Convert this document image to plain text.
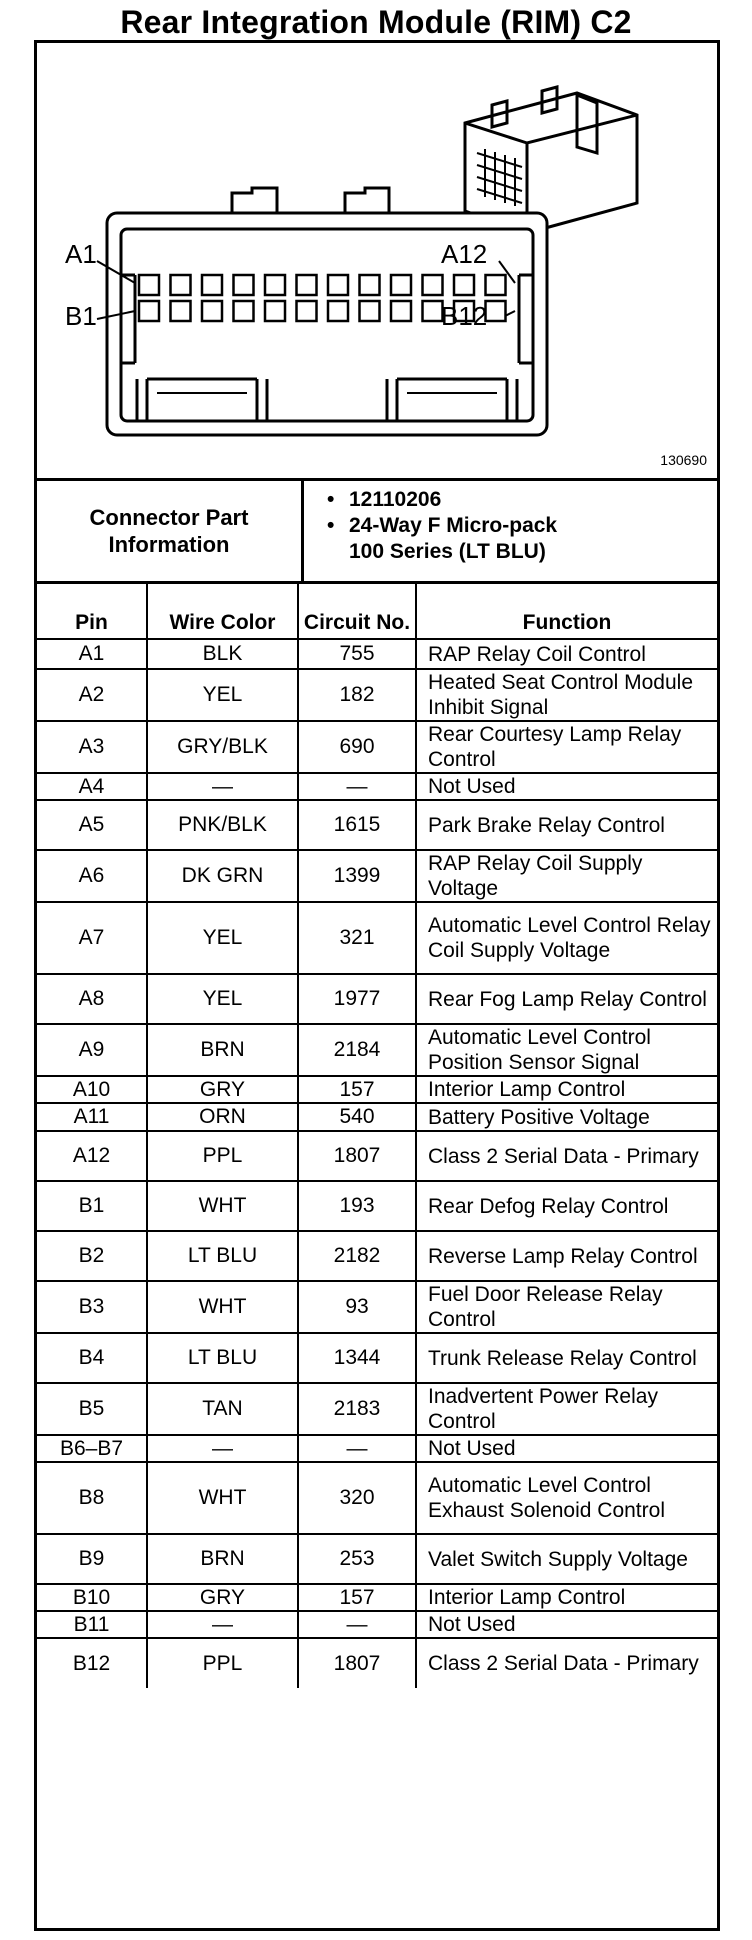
Rear Integration Module (RIM) C2
A1	A12
B1	B12
130690
Connector Part Information
• 12110206
• 24-Way F Micro-pack
100 Series (LT BLU)
Pin	Wire Color	Circuit No.	Function
A1	BLK	755	RAP Relay Coil Control
A2	YEL	182	Heated Seat Control Module Inhibit Signal
A3	GRY/BLK	690	Rear Courtesy Lamp Relay Control
A4	—	—	Not Used
A5	PNK/BLK	1615	Park Brake Relay Control
A6	DK GRN	1399	RAP Relay Coil Supply Voltage
A7	YEL	321	Automatic Level Control Relay Coil Supply Voltage
A8	YEL	1977	Rear Fog Lamp Relay Control
A9	BRN	2184	Automatic Level Control Position Sensor Signal
A10	GRY	157	Interior Lamp Control
A11	ORN	540	Battery Positive Voltage
A12	PPL	1807	Class 2 Serial Data - Primary
B1	WHT	193	Rear Defog Relay Control
B2	LT BLU	2182	Reverse Lamp Relay Control
B3	WHT	93	Fuel Door Release Relay Control
B4	LT BLU	1344	Trunk Release Relay Control
B5	TAN	2183	Inadvertent Power Relay Control
B6–B7	—	—	Not Used
B8	WHT	320	Automatic Level Control Exhaust Solenoid Control
B9	BRN	253	Valet Switch Supply Voltage
B10	GRY	157	Interior Lamp Control
B11	—	—	Not Used
B12	PPL	1807	Class 2 Serial Data - Primary
